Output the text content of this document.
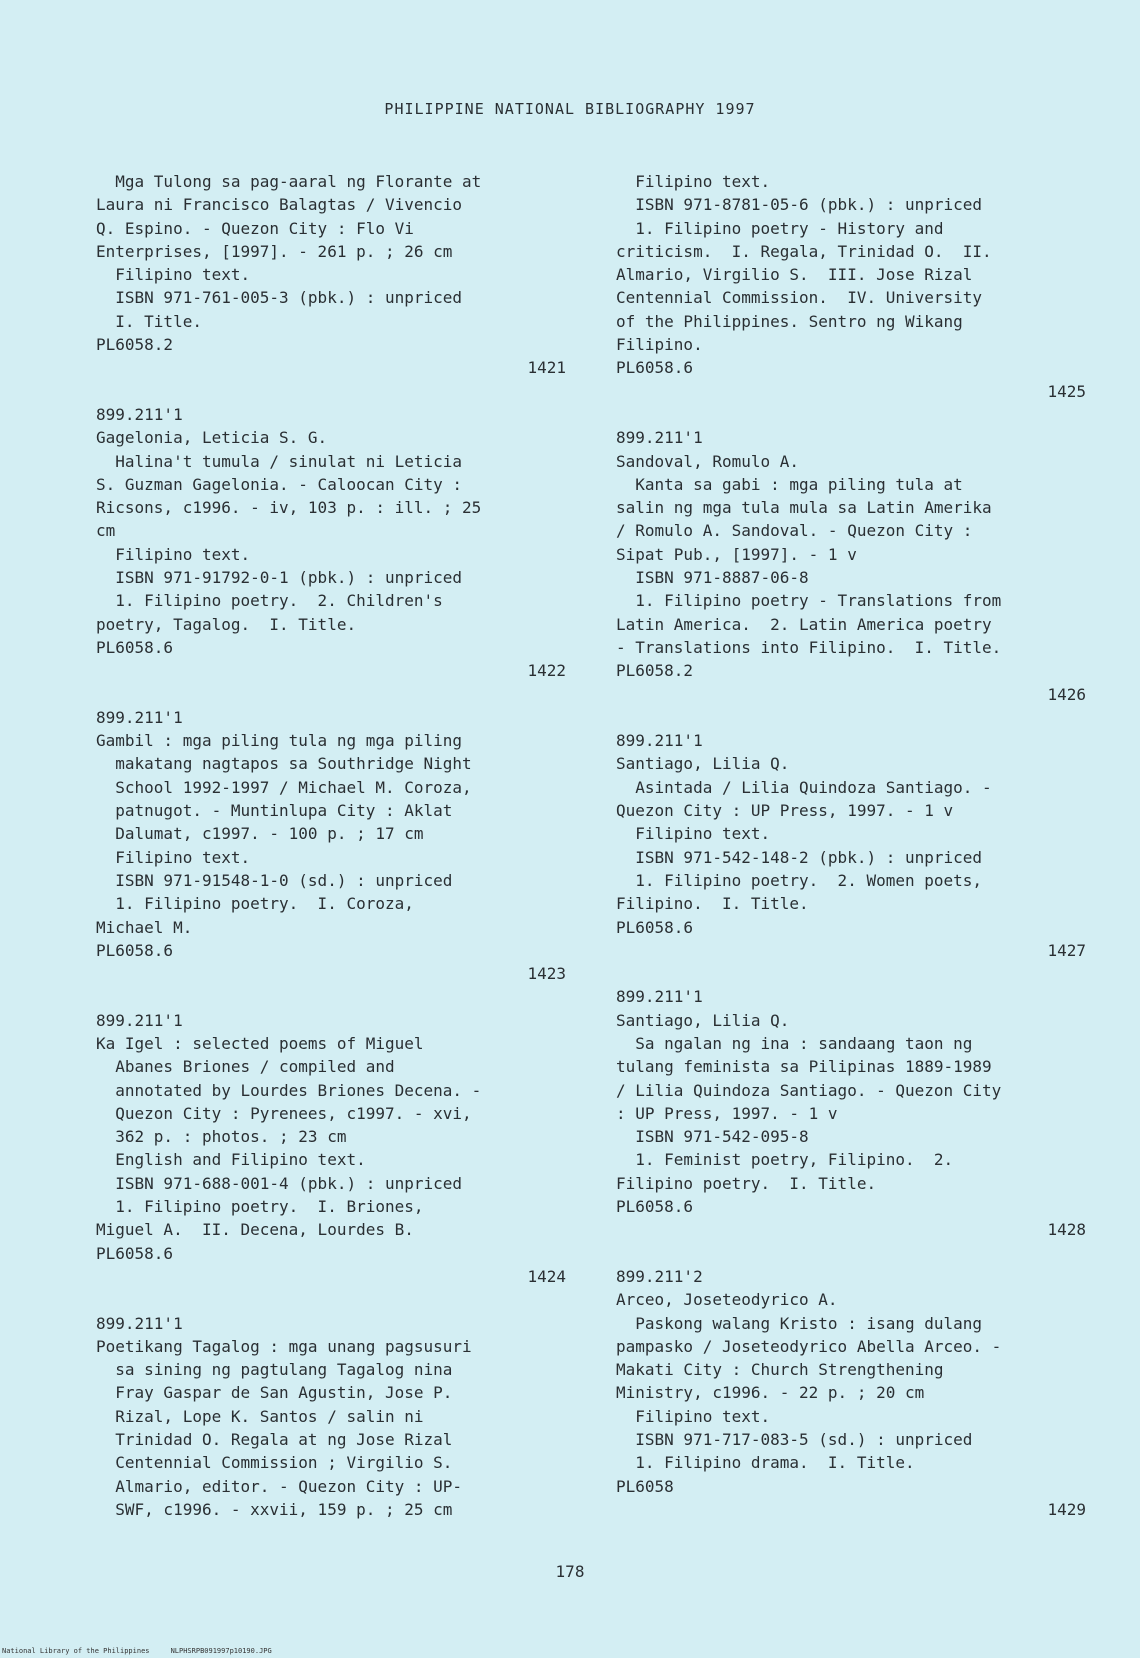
PHILIPPINE NATIONAL BIBLIOGRAPHY 1997
Mga Tulong sa pag-aaral ng Florante at
Laura ni Francisco Balagtas / Vivencio
Q. Espino. - Quezon City : Flo Vi
Enterprises, [1997]. - 261 p. ; 26 cm
Filipino text.
ISBN 971-761-005-3 (pbk.) : unpriced
I. Title.
PL6058.2
1421
899.211'1
Gagelonia, Leticia S. G.
Halina't tumula / sinulat ni Leticia
S. Guzman Gagelonia. - Caloocan City :
Ricsons, c1996. - iv, 103 p. : ill. ; 25
cm
Filipino text.
ISBN 971-91792-0-1 (pbk.) : unpriced
1. Filipino poetry.  2. Children's
poetry, Tagalog.  I. Title.
PL6058.6
1422
899.211'1
Gambil : mga piling tula ng mga piling
makatang nagtapos sa Southridge Night
School 1992-1997 / Michael M. Coroza,
patnugot. - Muntinlupa City : Aklat
Dalumat, c1997. - 100 p. ; 17 cm
Filipino text.
ISBN 971-91548-1-0 (sd.) : unpriced
1. Filipino poetry.  I. Coroza,
Michael M.
PL6058.6
1423
899.211'1
Ka Igel : selected poems of Miguel
Abanes Briones / compiled and
annotated by Lourdes Briones Decena. -
Quezon City : Pyrenees, c1997. - xvi,
362 p. : photos. ; 23 cm
English and Filipino text.
ISBN 971-688-001-4 (pbk.) : unpriced
1. Filipino poetry.  I. Briones,
Miguel A.  II. Decena, Lourdes B.
PL6058.6
1424
899.211'1
Poetikang Tagalog : mga unang pagsusuri
sa sining ng pagtulang Tagalog nina
Fray Gaspar de San Agustin, Jose P.
Rizal, Lope K. Santos / salin ni
Trinidad O. Regala at ng Jose Rizal
Centennial Commission ; Virgilio S.
Almario, editor. - Quezon City : UP-
SWF, c1996. - xxvii, 159 p. ; 25 cm
Filipino text.
ISBN 971-8781-05-6 (pbk.) : unpriced
1. Filipino poetry - History and
criticism.  I. Regala, Trinidad O.  II.
Almario, Virgilio S.  III. Jose Rizal
Centennial Commission.  IV. University
of the Philippines. Sentro ng Wikang
Filipino.
PL6058.6
1425
899.211'1
Sandoval, Romulo A.
Kanta sa gabi : mga piling tula at
salin ng mga tula mula sa Latin Amerika
/ Romulo A. Sandoval. - Quezon City :
Sipat Pub., [1997]. - 1 v
ISBN 971-8887-06-8
1. Filipino poetry - Translations from
Latin America.  2. Latin America poetry
- Translations into Filipino.  I. Title.
PL6058.2
1426
899.211'1
Santiago, Lilia Q.
Asintada / Lilia Quindoza Santiago. -
Quezon City : UP Press, 1997. - 1 v
Filipino text.
ISBN 971-542-148-2 (pbk.) : unpriced
1. Filipino poetry.  2. Women poets,
Filipino.  I. Title.
PL6058.6
1427
899.211'1
Santiago, Lilia Q.
Sa ngalan ng ina : sandaang taon ng
tulang feminista sa Pilipinas 1889-1989
/ Lilia Quindoza Santiago. - Quezon City
: UP Press, 1997. - 1 v
ISBN 971-542-095-8
1. Feminist poetry, Filipino.  2.
Filipino poetry.  I. Title.
PL6058.6
1428
899.211'2
Arceo, Joseteodyrico A.
Paskong walang Kristo : isang dulang
pampasko / Joseteodyrico Abella Arceo. -
Makati City : Church Strengthening
Ministry, c1996. - 22 p. ; 20 cm
Filipino text.
ISBN 971-717-083-5 (sd.) : unpriced
1. Filipino drama.  I. Title.
PL6058
1429
178
National Library of the Philippines     NLPHSRPB091997p10190.JPG
